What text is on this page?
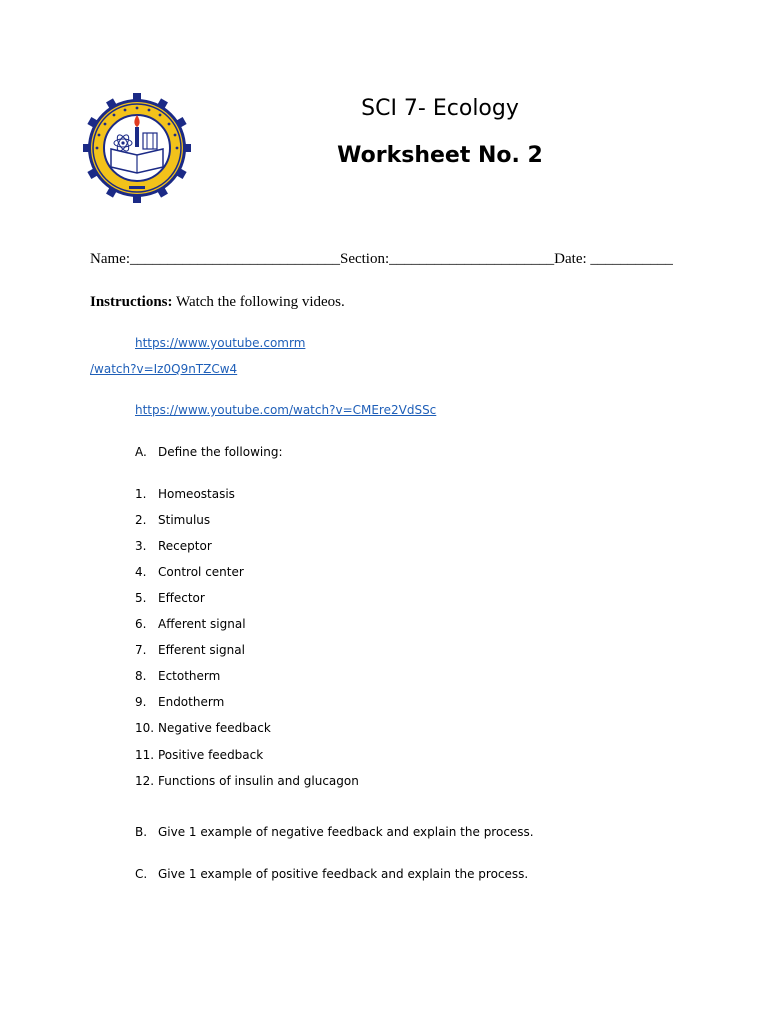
SCI 7- Ecology
Worksheet No. 2
Name:____________________________Section:______________________Date: ___________
Instructions: Watch the following videos.
https://www.youtube.comrm
/watch?v=Iz0Q9nTZCw4
https://www.youtube.com/watch?v=CMEre2VdSSc
A. Define the following:
1. Homeostasis
2. Stimulus
3. Receptor
4. Control center
5. Effector
6. Afferent signal
7. Efferent signal
8. Ectotherm
9. Endotherm
10. Negative feedback
11. Positive feedback
12. Functions of insulin and glucagon
B. Give 1 example of negative feedback and explain the process.
C. Give 1 example of positive feedback and explain the process.
